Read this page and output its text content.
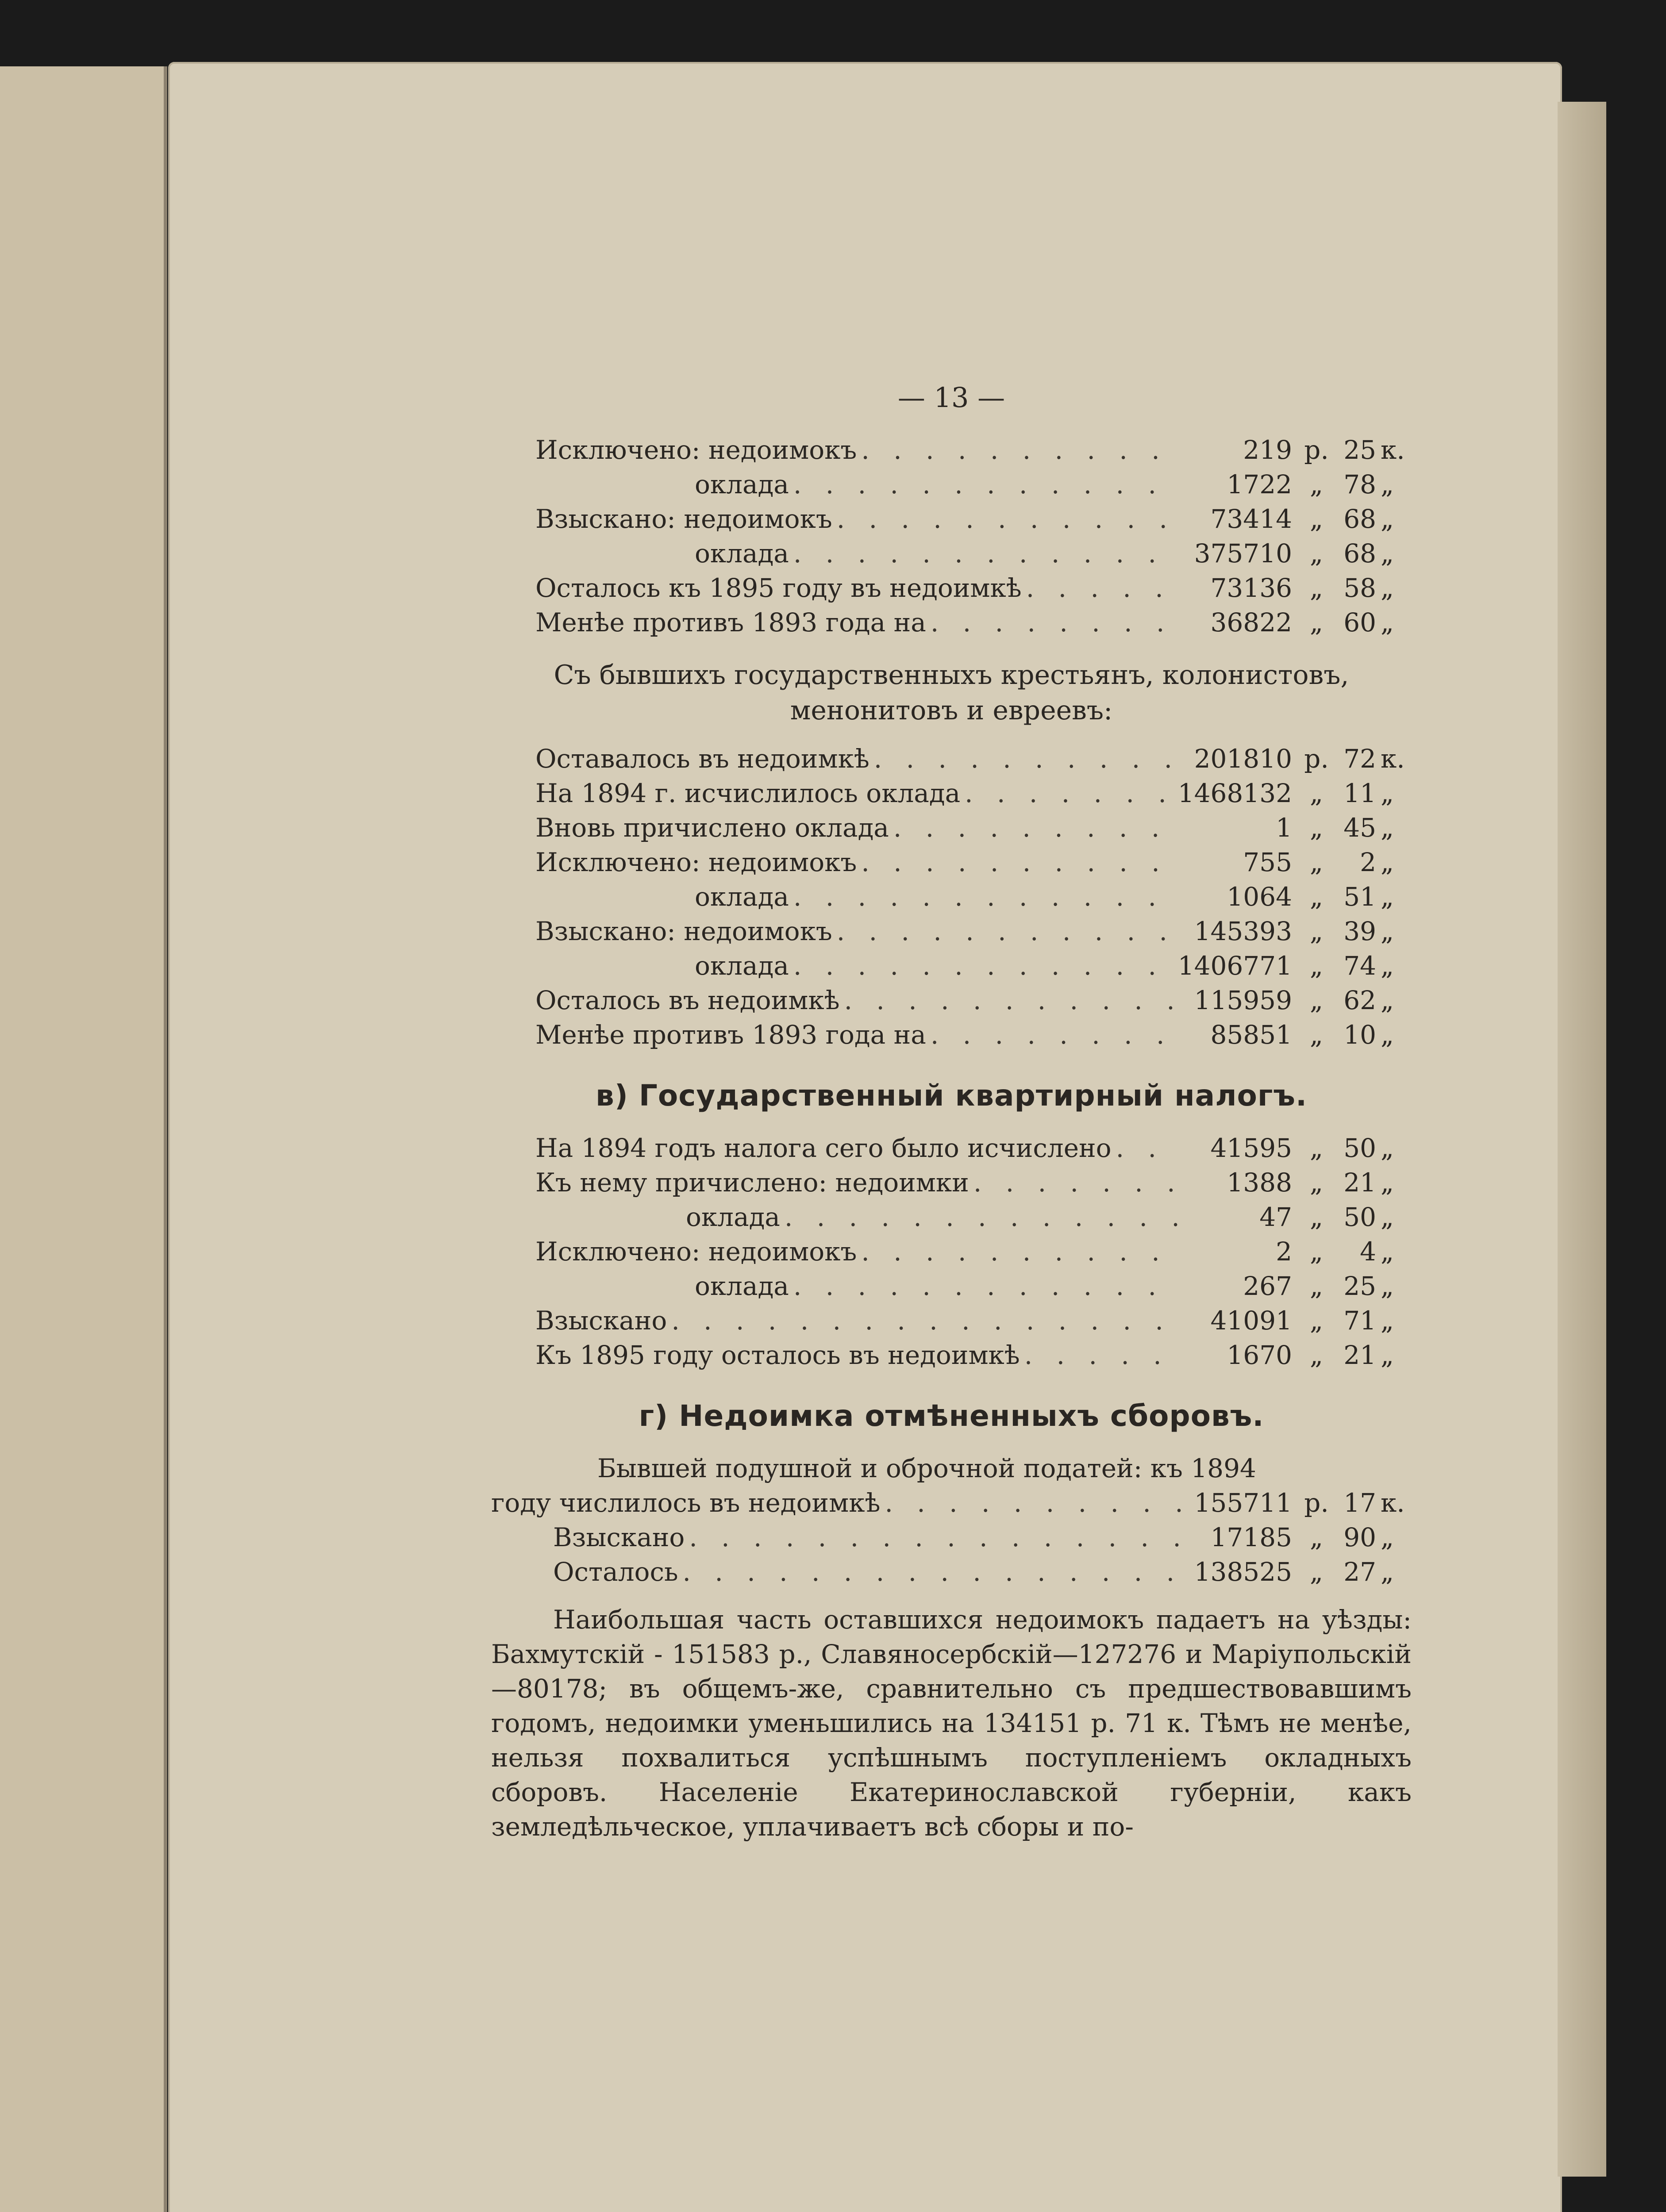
— 13 —
Исключено: недоимокъ . . .	219 р. 25 к.
оклада . . .	1722 „ 78 „
Взыскано: недоимокъ . . .	73414 „ 68 „
оклада . . .	375710 „ 68 „
Осталось къ 1895 году въ недоимкѣ . . .	73136 „ 58 „
Менѣе противъ 1893 года на . . .	36822 „ 60 „
Съ бывшихъ государственныхъ крестьянъ, колонистовъ, менонитовъ и евреевъ:
Оставалось въ недоимкѣ . . .	201810 р. 72 к.
На 1894 г. исчислилось оклада . . .	1468132 „ 11 „
Вновь причислено оклада . . .	1 „ 45 „
Исключено: недоимокъ . . .	755 „	2 „
оклада . . .	1064 „ 51 „
Взыскано: недоимокъ . . .	145393 „ 39 „
оклада . . .	1406771 „ 74 „
Осталось въ недоимкѣ . . .	115959 „ 62 „
Менѣе противъ 1893 года на . . .	85851 „ 10 „
в) Государственный квартирный налогъ.
На 1894 годъ налога сего было исчислено . . .	41595 „ 50 „
Къ нему причислено: недоимки . . .	1388 „ 21 „
оклада . . .	47 „ 50 „
Исключено: недоимокъ . . .	2 „	4 „
оклада . . .	267 „ 25 „
Взыскано . . .	41091 „ 71 „
Къ 1895 году осталось въ недоимкѣ . . .	1670 „ 21 „
г) Недоимка отмѣненныхъ сборовъ.
Бывшей подушной и оброчной податей: къ 1894
году числилось въ недоимкѣ . . .	155711 р. 17 к.
Взыскано . . .	17185 „ 90 „
Осталось . . .	138525 „ 27 „
Наибольшая часть оставшихся недоимокъ падаетъ на уѣзды: Бахмутскій - 151583 р., Славяносербскій—127276 и Маріупольскій—80178; въ общемъ-же, сравнительно съ предшествовавшимъ годомъ, недоимки уменьшились на 134151 р. 71 к. Тѣмъ не менѣе, нельзя похвалиться успѣшнымъ поступленіемъ окладныхъ сборовъ. Населеніе Екатеринославской губерніи, какъ земледѣльческое, уплачиваетъ всѣ сборы и по-
